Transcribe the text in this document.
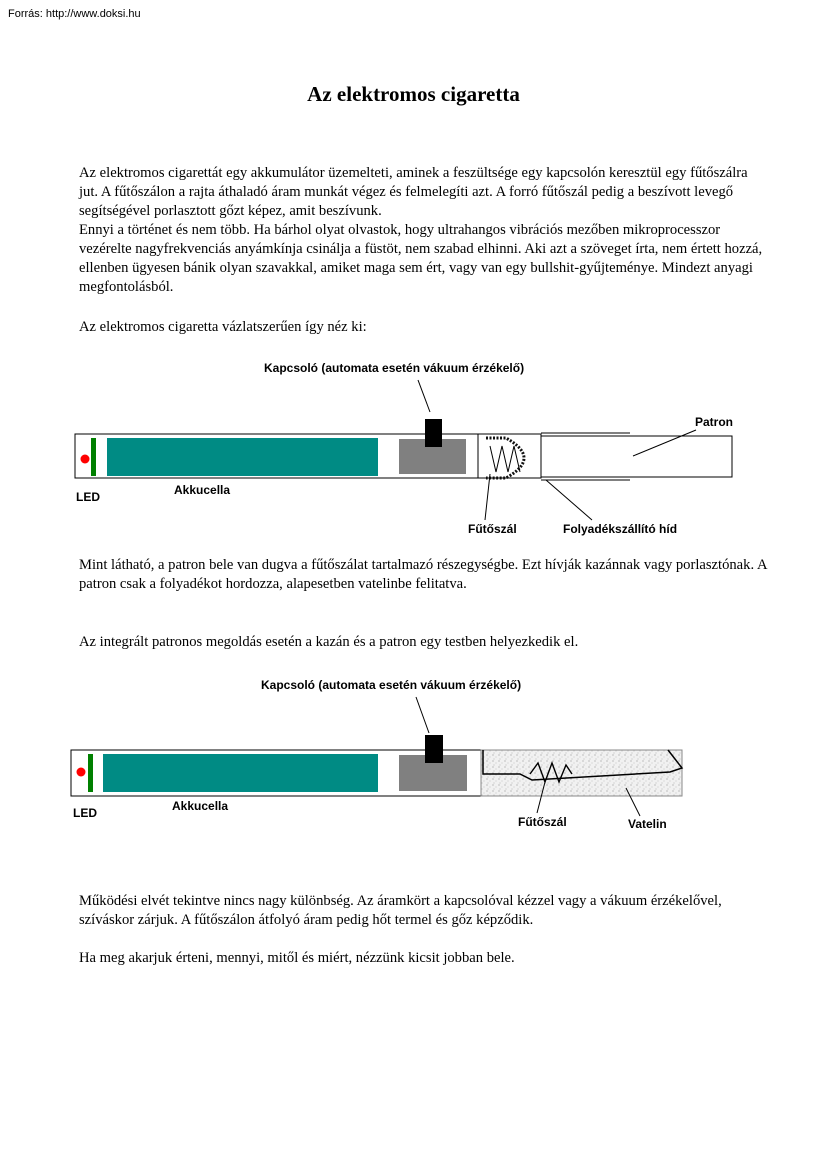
Forrás: http://www.doksi.hu
Az elektromos cigaretta

Az elektromos cigarettát egy akkumulátor üzemelteti, aminek a feszültsége egy kapcsolón keresztül egy fűtőszálra jut. A fűtőszálon a rajta áthaladó áram munkát végez és felmelegíti azt. A forró fűtőszál pedig a beszívott levegő segítségével porlasztott gőzt képez, amit beszívunk.

Ennyi a történet és nem több. Ha bárhol olyat olvastok, hogy ultrahangos vibrációs mezőben mikroprocesszor vezérelte nagyfrekvenciás anyámkínja csinálja a füstöt, nem szabad elhinni. Aki azt a szöveget írta, nem értett hozzá, ellenben ügyesen bánik olyan szavakkal, amiket maga sem ért, vagy van egy bullshit-gyűjteménye. Mindezt anyagi megfontolásból.

Az elektromos cigaretta vázlatszerűen így néz ki:
Kapcsoló (automata esetén vákuum érzékelő)
Patron
LED	Akkucella
Fűtőszál	Folyadékszállító híd
Mint látható, a patron bele van dugva a fűtőszálat tartalmazó részegységbe. Ezt hívják kazánnak vagy porlasztónak. A patron csak a folyadékot hordozza, alapesetben vatelinbe felitatva.
Az integrált patronos megoldás esetén a kazán és a patron egy testben helyezkedik el.
Kapcsoló (automata esetén vákuum érzékelő)
LED	Akkucella
Fűtőszál	Vatelin
Működési elvét tekintve nincs nagy különbség. Az áramkört a kapcsolóval kézzel vagy a vákuum érzékelővel, szíváskor zárjuk. A fűtőszálon átfolyó áram pedig hőt termel és gőz képződik.
Ha meg akarjuk érteni, mennyi, mitől és miért, nézzünk kicsit jobban bele.
